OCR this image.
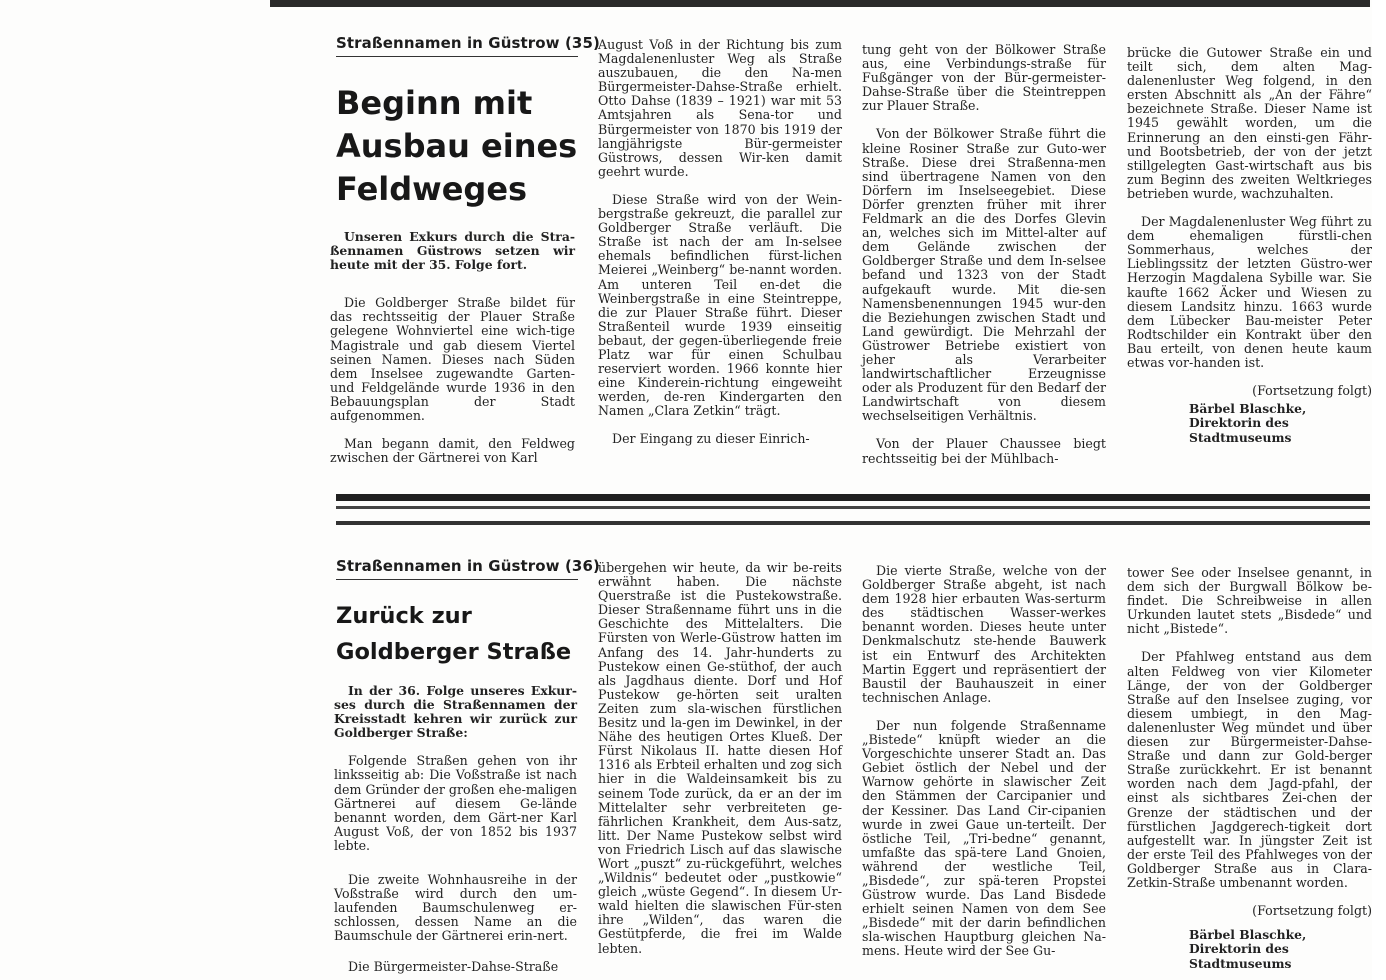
Straßennamen in Güstrow (35)
Beginn mit
Ausbau eines
Feldweges

Unseren Exkurs durch die Stra-ßennamen Güstrows setzen wir heute mit der 35. Folge fort.

Die Goldberger Straße bildet für das rechtsseitig der Plauer Straße gelegene Wohnviertel eine wich-tige Magistrale und gab diesem Viertel seinen Namen. Dieses nach Süden dem Inselsee zugewandte Garten- und Feldgelände wurde 1936 in den Bebauungsplan der Stadt aufgenommen.

Man begann damit, den Feldweg zwischen der Gärtnerei von Karl

August Voß in der Richtung bis zum Magdalenenluster Weg als Straße auszubauen, die den Na-men Bürgermeister-Dahse-Straße erhielt. Otto Dahse (1839 – 1921) war mit 53 Amtsjahren als Sena-tor und Bürgermeister von 1870 bis 1919 der langjährigste Bür-germeister Güstrows, dessen Wir-ken damit geehrt wurde.

Diese Straße wird von der Wein-bergstraße gekreuzt, die parallel zur Goldberger Straße verläuft. Die Straße ist nach der am In-selsee ehemals befindlichen fürst-lichen Meierei „Weinberg“ be-nannt worden. Am unteren Teil en-det die Weinbergstraße in eine Steintreppe, die zur Plauer Straße führt. Dieser Straßenteil wurde 1939 einseitig bebaut, der gegen-überliegende freie Platz war für einen Schulbau reserviert worden. 1966 konnte hier eine Kinderein-richtung eingeweiht werden, de-ren Kindergarten den Namen „Clara Zetkin“ trägt.

Der Eingang zu dieser Einrich-

tung geht von der Bölkower Straße aus, eine Verbindungs-straße für Fußgänger von der Bür-germeister-Dahse-Straße über die Steintreppen zur Plauer Straße.

Von der Bölkower Straße führt die kleine Rosiner Straße zur Gutο-wer Straße. Diese drei Straßenna-men sind übertragene Namen von den Dörfern im Inselseegebiet. Diese Dörfer grenzten früher mit ihrer Feldmark an die des Dorfes Glevin an, welches sich im Mittel-alter auf dem Gelände zwischen der Goldberger Straße und dem In-selsee befand und 1323 von der Stadt aufgekauft wurde. Mit die-sen Namensbenennungen 1945 wur-den die Beziehungen zwischen Stadt und Land gewürdigt. Die Mehrzahl der Güstrower Betriebe existiert von jeher als Verarbeiter landwirtschaftlicher Erzeugnisse oder als Produzent für den Bedarf der Landwirtschaft von diesem wechselseitigen Verhältnis.

Von der Plauer Chaussee biegt rechtsseitig bei der Mühlbach-

brücke die Gutower Straße ein und teilt sich, dem alten Mag-dalenenluster Weg folgend, in den ersten Abschnitt als „An der Fähre“ bezeichnete Straße. Dieser Name ist 1945 gewählt worden, um die Erinnerung an den einsti-gen Fähr- und Bootsbetrieb, der von der jetzt stillgelegten Gast-wirtschaft aus bis zum Beginn des zweiten Weltkrieges betrieben wurde, wachzuhalten.

Der Magdalenenluster Weg führt zu dem ehemaligen fürstli-chen Sommerhaus, welches der Lieblingssitz der letzten Güstro-wer Herzogin Magdalena Sybille war. Sie kaufte 1662 Äcker und Wiesen zu diesem Landsitz hinzu. 1663 wurde dem Lübecker Bau-meister Peter Rodtschilder ein Kontrakt über den Bau erteilt, von denen heute kaum etwas vor-handen ist.

(Fortsetzung folgt)

Bärbel Blaschke,
Direktorin des
Stadtmuseums
Straßennamen in Güstrow (36)
Zurück zur
Goldberger Straße

In der 36. Folge unseres Exkur-ses durch die Straßennamen der Kreisstadt kehren wir zurück zur Goldberger Straße:

Folgende Straßen gehen von ihr linksseitig ab: Die Voßstraße ist nach dem Gründer der großen ehe-maligen Gärtnerei auf diesem Ge-lände benannt worden, dem Gärt-ner Karl August Voß, der von 1852 bis 1937 lebte.

Die zweite Wohnhausreihe in der Voßstraße wird durch den um-laufenden Baumschulenweg er-schlossen, dessen Name an die Baumschule der Gärtnerei erin-nert.

Die Bürgermeister-Dahse-Straße

übergehen wir heute, da wir be-reits erwähnt haben. Die nächste Querstraße ist die Pustekowstraße. Dieser Straßenname führt uns in die Geschichte des Mittelalters. Die Fürsten von Werle-Güstrow hatten im Anfang des 14. Jahr-hunderts zu Pustekow einen Ge-stüthof, der auch als Jagdhaus diente. Dorf und Hof Pustekow ge-hörten seit uralten Zeiten zum sla-wischen fürstlichen Besitz und la-gen im Dewinkel, in der Nähe des heutigen Ortes Klueß. Der Fürst Nikolaus II. hatte diesen Hof 1316 als Erbteil erhalten und zog sich hier in die Waldeinsamkeit bis zu seinem Tode zurück, da er an der im Mittelalter sehr verbreiteten ge-fährlichen Krankheit, dem Aus-satz, litt. Der Name Pustekow selbst wird von Friedrich Lisch auf das slawische Wort „puszt“ zu-rückgeführt, welches „Wildnis“ bedeutet oder „pustkowie“ gleich „wüste Gegend“. In diesem Ur-wald hielten die slawischen Für-sten ihre „Wilden“, das waren die Gestütpferde, die frei im Walde lebten.

Die vierte Straße, welche von der Goldberger Straße abgeht, ist nach dem 1928 hier erbauten Was-serturm des städtischen Wasser-werkes benannt worden. Dieses heute unter Denkmalschutz ste-hende Bauwerk ist ein Entwurf des Architekten Martin Eggert und repräsentiert der Baustil der Bauhauszeit in einer technischen Anlage.

Der nun folgende Straßenname „Bistede“ knüpft wieder an die Vorgeschichte unserer Stadt an. Das Gebiet östlich der Nebel und der Warnow gehörte in slawischer Zeit den Stämmen der Carcipanier und der Kessiner. Das Land Cir-cipanien wurde in zwei Gaue un-terteilt. Der östliche Teil, „Tri-bedne“ genannt, umfaßte das spä-tere Land Gnoien, während der westliche Teil, „Bisdede“, zur spä-teren Propstei Güstrow wurde. Das Land Bisdede erhielt seinen Namen von dem See „Bisdede“ mit der darin befindlichen sla-wischen Hauptburg gleichen Na-mens. Heute wird der See Gu-

tower See oder Inselsee genannt, in dem sich der Burgwall Bölkow be-findet. Die Schreibweise in allen Urkunden lautet stets „Bisdede“ und nicht „Bistede“.

Der Pfahlweg entstand aus dem alten Feldweg von vier Kilometer Länge, der von der Goldberger Straße auf den Inselsee zuging, vor diesem umbiegt, in den Mag-dalenenluster Weg mündet und über diesen zur Bürgermeister-Dahse-Straße und dann zur Gold-berger Straße zurückkehrt. Er ist benannt worden nach dem Jagd-pfahl, der einst als sichtbares Zei-chen der Grenze der städtischen und der fürstlichen Jagdgerech-tigkeit dort aufgestellt war. In jüngster Zeit ist der erste Teil des Pfahlweges von der Goldberger Straße aus in Clara-Zetkin-Straße umbenannt worden.

(Fortsetzung folgt)

Bärbel Blaschke,
Direktorin des
Stadtmuseums
